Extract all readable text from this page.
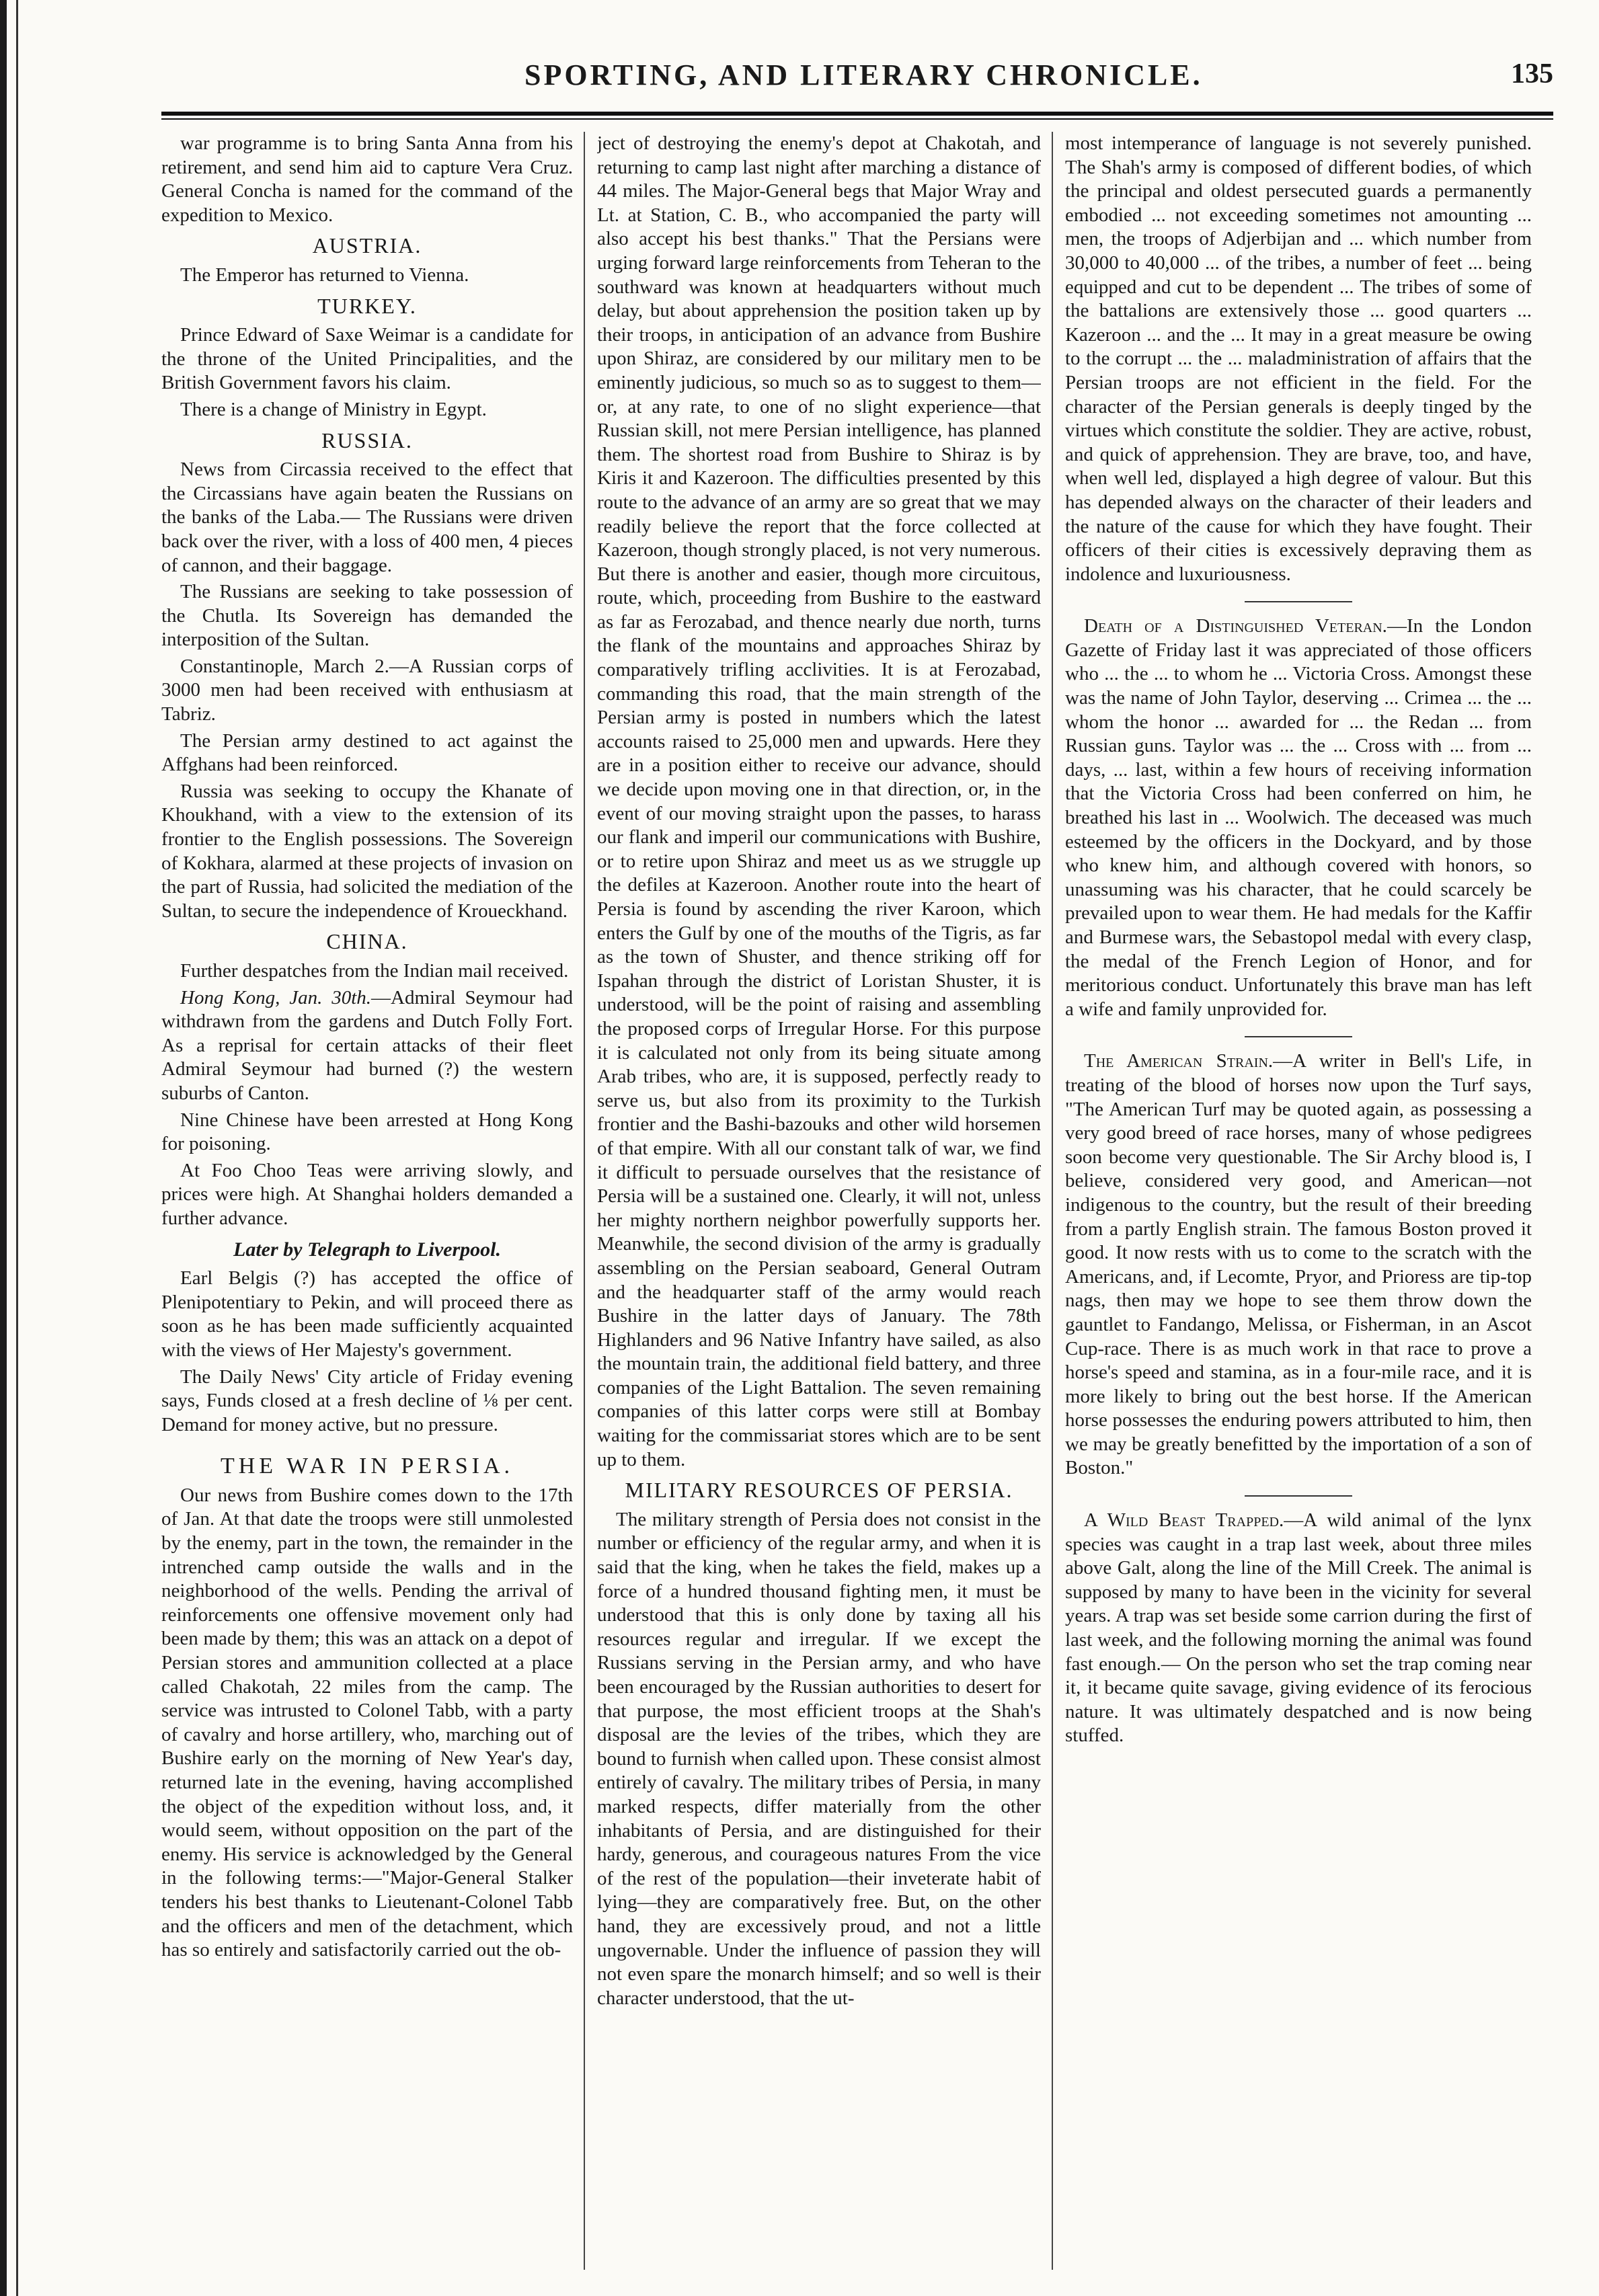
SPORTING, AND LITERARY CHRONICLE.	135

war programme is to bring Santa Anna from his retirement, and send him aid to capture Vera Cruz. General Concha is named for the command of the expedition to Mexico.

AUSTRIA.

The Emperor has returned to Vienna.

TURKEY.

Prince Edward of Saxe Weimar is a candidate for the throne of the United Principalities, and the British Government favors his claim.

There is a change of Ministry in Egypt.

RUSSIA.

News from Circassia received to the effect that the Circassians have again beaten the Russians on the banks of the Laba.— The Russians were driven back over the river, with a loss of 400 men, 4 pieces of cannon, and their baggage.

The Russians are seeking to take possession of the Chutla. Its Sovereign has demanded the interposition of the Sultan.

Constantinople, March 2.—A Russian corps of 3000 men had been received with enthusiasm at Tabriz.

The Persian army destined to act against the Affghans had been reinforced.

Russia was seeking to occupy the Khanate of Khoukhand, with a view to the extension of its frontier to the English possessions. The Sovereign of Kokhara, alarmed at these projects of invasion on the part of Russia, had solicited the mediation of the Sultan, to secure the independence of Kroueckhand.

CHINA.

Further despatches from the Indian mail received.

Hong Kong, Jan. 30th.—Admiral Seymour had withdrawn from the gardens and Dutch Folly Fort. As a reprisal for certain attacks of their fleet Admiral Seymour had burned (?) the western suburbs of Canton.

Nine Chinese have been arrested at Hong Kong for poisoning.

At Foo Choo Teas were arriving slowly, and prices were high. At Shanghai holders demanded a further advance.

Later by Telegraph to Liverpool.

Earl Belgis (?) has accepted the office of Plenipotentiary to Pekin, and will proceed there as soon as he has been made sufficiently acquainted with the views of Her Majesty's government.

The Daily News' City article of Friday evening says, Funds closed at a fresh decline of ⅛ per cent. Demand for money active, but no pressure.

THE WAR IN PERSIA.

Our news from Bushire comes down to the 17th of Jan. At that date the troops were still unmolested by the enemy, part in the town, the remainder in the intrenched camp outside the walls and in the neighborhood of the wells. Pending the arrival of reinforcements one offensive movement only had been made by them; this was an attack on a depot of Persian stores and ammunition collected at a place called Chakotah, 22 miles from the camp. The service was intrusted to Colonel Tabb, with a party of cavalry and horse artillery, who, marching out of Bushire early on the morning of New Year's day, returned late in the evening, having accomplished the object of the expedition without loss, and, it would seem, without opposition on the part of the enemy. His service is acknowledged by the General in the following terms:—"Major-General Stalker tenders his best thanks to Lieutenant-Colonel Tabb and the officers and men of the detachment, which has so entirely and satisfactorily carried out the ob-

ject of destroying the enemy's depot at Chakotah, and returning to camp last night after marching a distance of 44 miles. The Major-General begs that Major Wray and Lt. at Station, C. B., who accompanied the party will also accept his best thanks." That the Persians were urging forward large reinforcements from Teheran to the southward was known at headquarters without much delay, but about apprehension the position taken up by their troops, in anticipation of an advance from Bushire upon Shiraz, are considered by our military men to be eminently judicious, so much so as to suggest to them—or, at any rate, to one of no slight experience—that Russian skill, not mere Persian intelligence, has planned them. The shortest road from Bushire to Shiraz is by Kiris it and Kazeroon. The difficulties presented by this route to the advance of an army are so great that we may readily believe the report that the force collected at Kazeroon, though strongly placed, is not very numerous. But there is another and easier, though more circuitous, route, which, proceeding from Bushire to the eastward as far as Ferozabad, and thence nearly due north, turns the flank of the mountains and approaches Shiraz by comparatively trifling acclivities. It is at Ferozabad, commanding this road, that the main strength of the Persian army is posted in numbers which the latest accounts raised to 25,000 men and upwards. Here they are in a position either to receive our advance, should we decide upon moving one in that direction, or, in the event of our moving straight upon the passes, to harass our flank and imperil our communications with Bushire, or to retire upon Shiraz and meet us as we struggle up the defiles at Kazeroon. Another route into the heart of Persia is found by ascending the river Karoon, which enters the Gulf by one of the mouths of the Tigris, as far as the town of Shuster, and thence striking off for Ispahan through the district of Loristan Shuster, it is understood, will be the point of raising and assembling the proposed corps of Irregular Horse. For this purpose it is calculated not only from its being situate among Arab tribes, who are, it is supposed, perfectly ready to serve us, but also from its proximity to the Turkish frontier and the Bashi-bazouks and other wild horsemen of that empire. With all our constant talk of war, we find it difficult to persuade ourselves that the resistance of Persia will be a sustained one. Clearly, it will not, unless her mighty northern neighbor powerfully supports her. Meanwhile, the second division of the army is gradually assembling on the Persian seaboard, General Outram and the headquarter staff of the army would reach Bushire in the latter days of January. The 78th Highlanders and 96 Native Infantry have sailed, as also the mountain train, the additional field battery, and three companies of the Light Battalion. The seven remaining companies of this latter corps were still at Bombay waiting for the commissariat stores which are to be sent up to them.

MILITARY RESOURCES OF PERSIA.

The military strength of Persia does not consist in the number or efficiency of the regular army, and when it is said that the king, when he takes the field, makes up a force of a hundred thousand fighting men, it must be understood that this is only done by taxing all his resources regular and irregular. If we except the Russians serving in the Persian army, and who have been encouraged by the Russian authorities to desert for that purpose, the most efficient troops at the Shah's disposal are the levies of the tribes, which they are bound to furnish when called upon. These consist almost entirely of cavalry. The military tribes of Persia, in many marked respects, differ materially from the other inhabitants of Persia, and are distinguished for their hardy, generous, and courageous natures From the vice of the rest of the population—their inveterate habit of lying—they are comparatively free. But, on the other hand, they are excessively proud, and not a little ungovernable. Under the influence of passion they will not even spare the monarch himself; and so well is their character understood, that the ut-

most intemperance of language is not severely punished. The Shah's army is composed of different bodies, of which the principal and oldest persecuted guards a permanently embodied ... not exceeding sometimes not amounting ... men, the troops of Adjerbijan and ... which number from 30,000 to 40,000 ... of the tribes, a number of feet ... being equipped and cut to be dependent ... The tribes of some of the battalions are extensively those ... good quarters ... Kazeroon ... and the ... It may in a great measure be owing to the corrupt ... the ... maladministration of affairs that the Persian troops are not efficient in the field. For the character of the Persian generals is deeply tinged by the virtues which constitute the soldier. They are active, robust, and quick of apprehension. They are brave, too, and have, when well led, displayed a high degree of valour. But this has depended always on the character of their leaders and the nature of the cause for which they have fought. Their officers of their cities is excessively depraving them as indolence and luxuriousness.

Death of a Distinguished Veteran.—In the London Gazette of Friday last it was appreciated of those officers who ... the ... to whom he ... Victoria Cross. Amongst these was the name of John Taylor, deserving ... Crimea ... the ... whom the honor ... awarded for ... the Redan ... from Russian guns. Taylor was ... the ... Cross with ... from ... days, ... last, within a few hours of receiving information that the Victoria Cross had been conferred on him, he breathed his last in ... Woolwich. The deceased was much esteemed by the officers in the Dockyard, and by those who knew him, and although covered with honors, so unassuming was his character, that he could scarcely be prevailed upon to wear them. He had medals for the Kaffir and Burmese wars, the Sebastopol medal with every clasp, the medal of the French Legion of Honor, and for meritorious conduct. Unfortunately this brave man has left a wife and family unprovided for.

The American Strain.—A writer in Bell's Life, in treating of the blood of horses now upon the Turf says, "The American Turf may be quoted again, as possessing a very good breed of race horses, many of whose pedigrees soon become very questionable. The Sir Archy blood is, I believe, considered very good, and American—not indigenous to the country, but the result of their breeding from a partly English strain. The famous Boston proved it good. It now rests with us to come to the scratch with the Americans, and, if Lecomte, Pryor, and Prioress are tip-top nags, then may we hope to see them throw down the gauntlet to Fandango, Melissa, or Fisherman, in an Ascot Cup-race. There is as much work in that race to prove a horse's speed and stamina, as in a four-mile race, and it is more likely to bring out the best horse. If the American horse possesses the enduring powers attributed to him, then we may be greatly benefitted by the importation of a son of Boston."

A Wild Beast Trapped.—A wild animal of the lynx species was caught in a trap last week, about three miles above Galt, along the line of the Mill Creek. The animal is supposed by many to have been in the vicinity for several years. A trap was set beside some carrion during the first of last week, and the following morning the animal was found fast enough.— On the person who set the trap coming near it, it became quite savage, giving evidence of its ferocious nature. It was ultimately despatched and is now being stuffed.
